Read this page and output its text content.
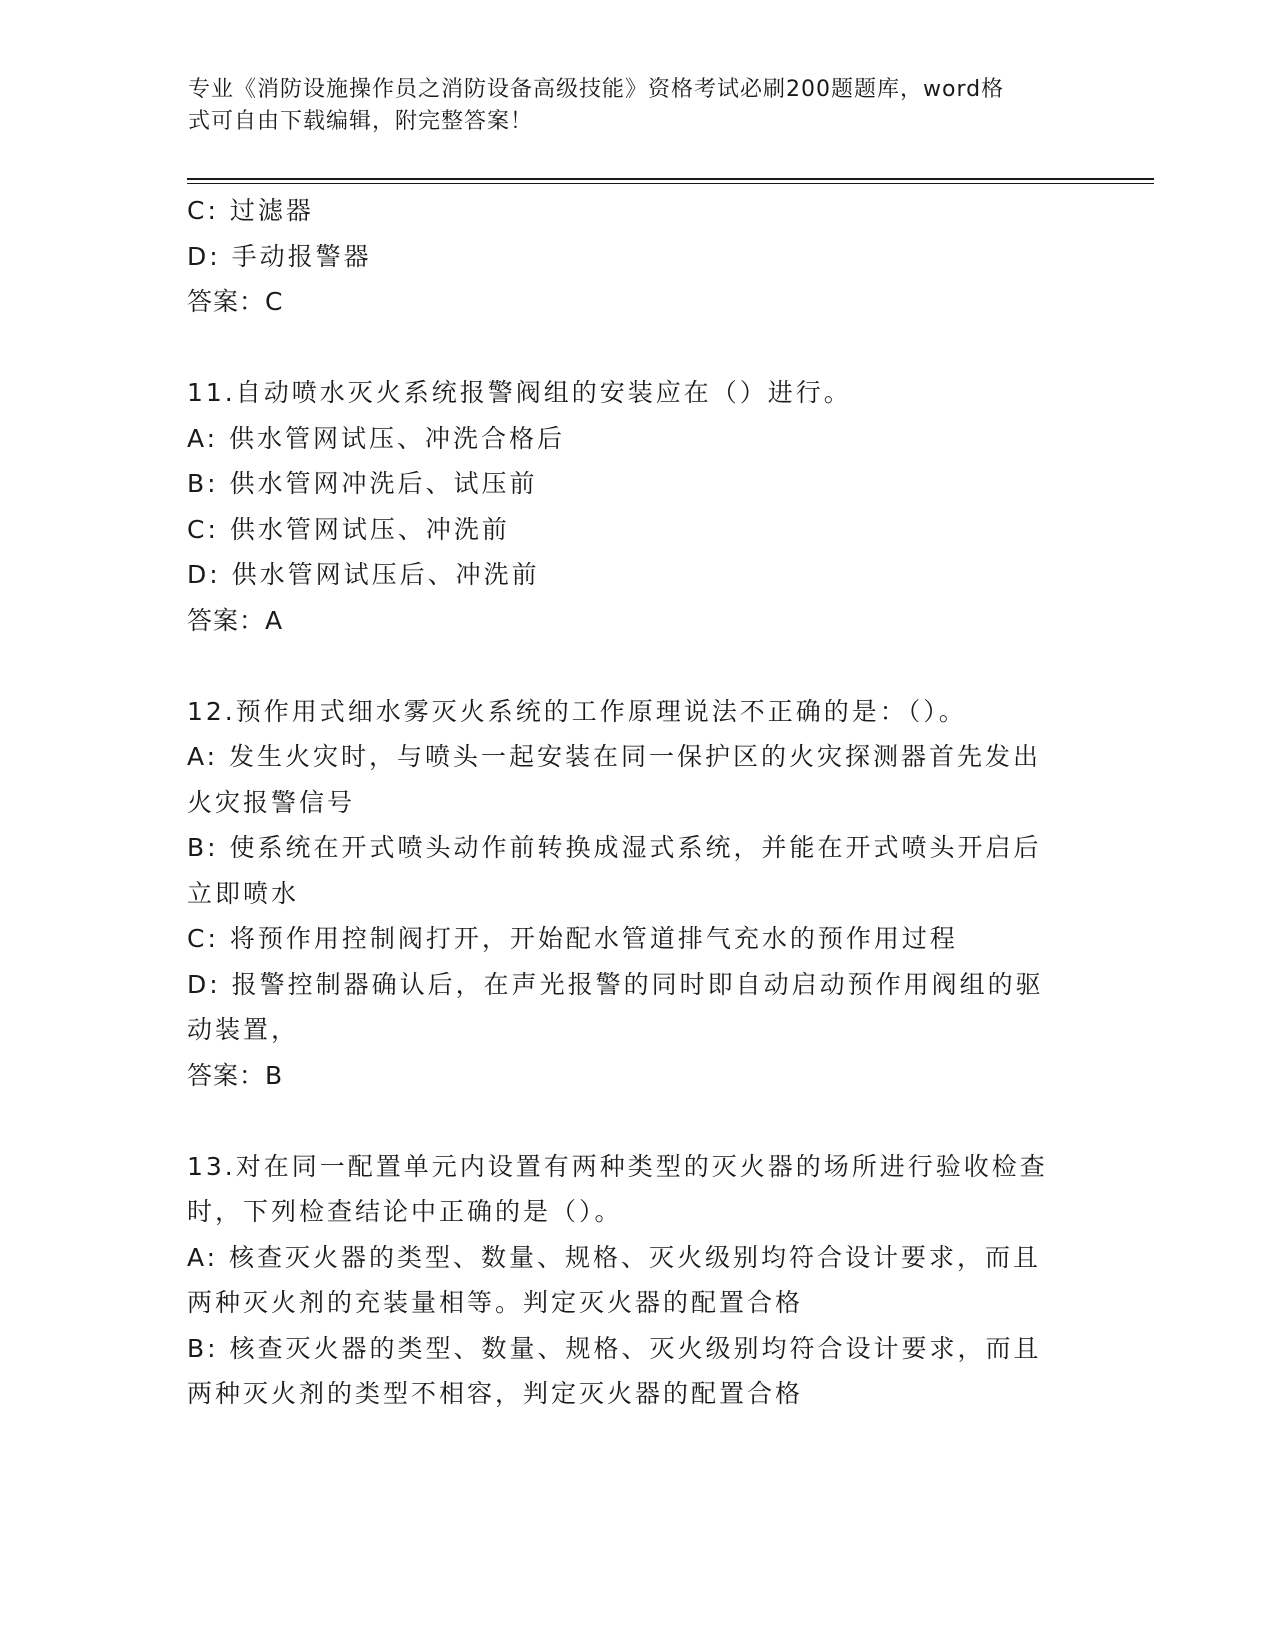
专业《消防设施操作员之消防设备高级技能》资格考试必刷200题题库，word格
式可自由下载编辑，附完整答案！
C: 过滤器
D: 手动报警器
答案：C
11.自动喷水灭火系统报警阀组的安装应在（）进行。
A: 供水管网试压、冲洗合格后
B: 供水管网冲洗后、试压前
C: 供水管网试压、冲洗前
D: 供水管网试压后、冲洗前
答案：A
12.预作用式细水雾灭火系统的工作原理说法不正确的是：（）。
A: 发生火灾时，与喷头一起安装在同一保护区的火灾探测器首先发出
火灾报警信号
B: 使系统在开式喷头动作前转换成湿式系统，并能在开式喷头开启后
立即喷水
C: 将预作用控制阀打开，开始配水管道排气充水的预作用过程
D: 报警控制器确认后，在声光报警的同时即自动启动预作用阀组的驱
动装置，
答案：B
13.对在同一配置单元内设置有两种类型的灭火器的场所进行验收检查
时，下列检查结论中正确的是（）。
A: 核查灭火器的类型、数量、规格、灭火级别均符合设计要求，而且
两种灭火剂的充装量相等。判定灭火器的配置合格
B: 核查灭火器的类型、数量、规格、灭火级别均符合设计要求，而且
两种灭火剂的类型不相容，判定灭火器的配置合格
